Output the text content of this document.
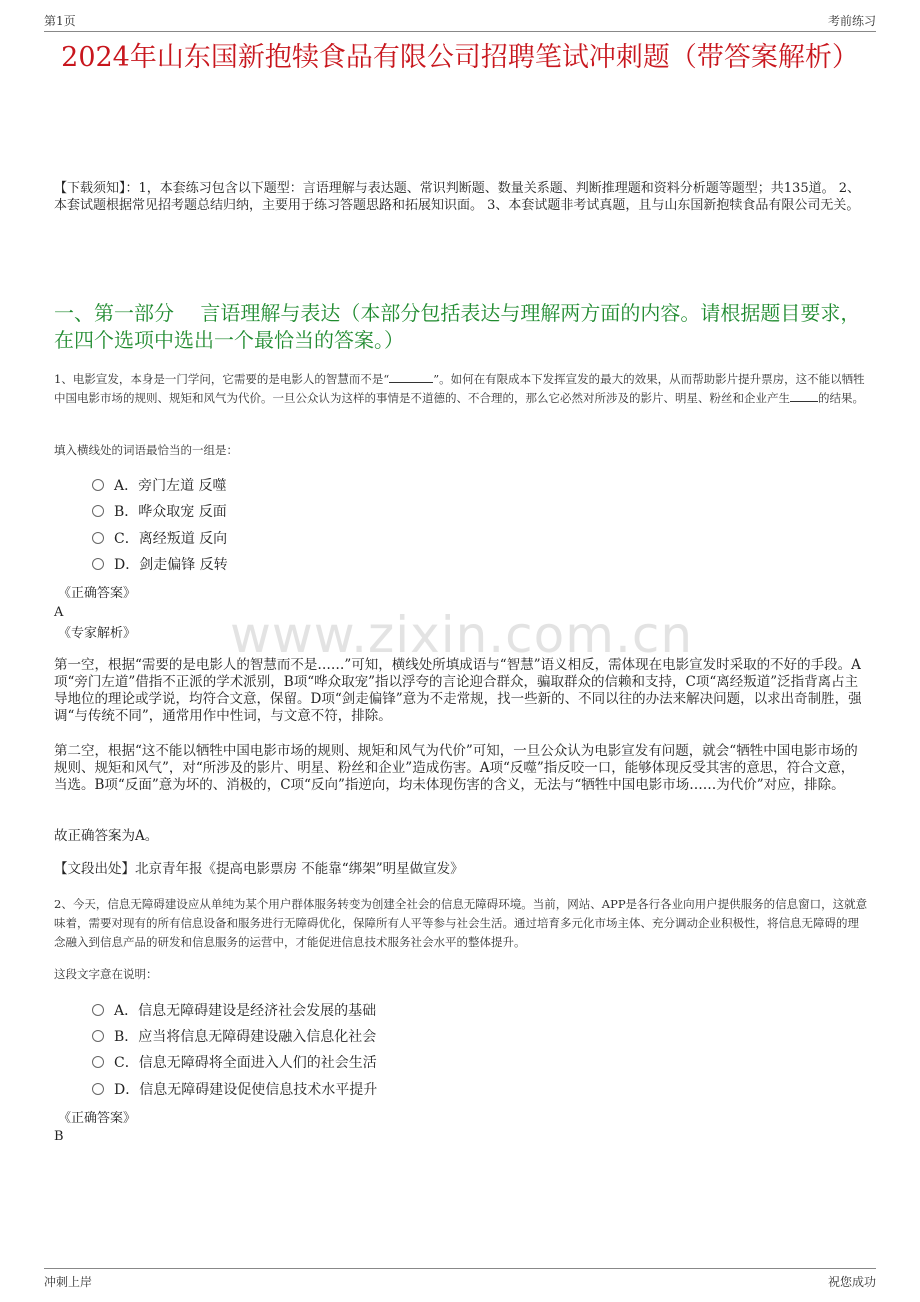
第1页	考前练习
2024年山东国新抱犊食品有限公司招聘笔试冲刺题（带答案解析）
【下载须知】：1，本套练习包含以下题型：言语理解与表达题、常识判断题、数量关系题、判断推理题和资料分析题等题型；共135道。 2、本套试题根据常见招考题总结归纳，主要用于练习答题思路和拓展知识面。 3、本套试题非考试真题，且与山东国新抱犊食品有限公司无关。
一、第一部分　 言语理解与表达（本部分包括表达与理解两方面的内容。请根据题目要求，在四个选项中选出一个最恰当的答案。）
www.zixin.com.cn
1、电影宣发，本身是一门学问，它需要的是电影人的智慧而不是“	”。如何在有限成本下发挥宣发的最大的效果，从而帮助影片提升票房，这不能以牺牲中国电影市场的规则、规矩和风气为代价。一旦公众认为这样的事情是不道德的、不合理的，那么它必然对所涉及的影片、明星、粉丝和企业产生 的结果。
填入横线处的词语最恰当的一组是：
A．旁门左道 反噬
B．哗众取宠 反面
C．离经叛道 反向
D．剑走偏锋 反转
《正确答案》
A
《专家解析》
第一空，根据“需要的是电影人的智慧而不是……”可知，横线处所填成语与“智慧”语义相反，需体现在电影宣发时采取的不好的手段。A项“旁门左道”借指不正派的学术派别，B项“哗众取宠”指以浮夸的言论迎合群众，骗取群众的信赖和支持，C项“离经叛道”泛指背离占主导地位的理论或学说，均符合文意，保留。D项“剑走偏锋”意为不走常规，找一些新的、不同以往的办法来解决问题，以求出奇制胜，强调“与传统不同”，通常用作中性词，与文意不符，排除。
第二空，根据“这不能以牺牲中国电影市场的规则、规矩和风气为代价”可知，一旦公众认为电影宣发有问题，就会“牺牲中国电影市场的规则、规矩和风气”，对“所涉及的影片、明星、粉丝和企业”造成伤害。A项“反噬”指反咬一口，能够体现反受其害的意思，符合文意，当选。B项“反面”意为坏的、消极的，C项“反向”指逆向，均未体现伤害的含义，无法与“牺牲中国电影市场……为代价”对应，排除。
故正确答案为A。
【文段出处】北京青年报《提高电影票房 不能靠“绑架”明星做宣发》
2、今天，信息无障碍建设应从单纯为某个用户群体服务转变为创建全社会的信息无障碍环境。当前，网站、APP是各行各业向用户提供服务的信息窗口，这就意味着，需要对现有的所有信息设备和服务进行无障碍优化，保障所有人平等参与社会生活。通过培育多元化市场主体、充分调动企业积极性，将信息无障碍的理念融入到信息产品的研发和信息服务的运营中，才能促进信息技术服务社会水平的整体提升。
这段文字意在说明：
A．信息无障碍建设是经济社会发展的基础
B．应当将信息无障碍建设融入信息化社会
C．信息无障碍将全面进入人们的社会生活
D．信息无障碍建设促使信息技术水平提升
《正确答案》
B
冲刺上岸	祝您成功
